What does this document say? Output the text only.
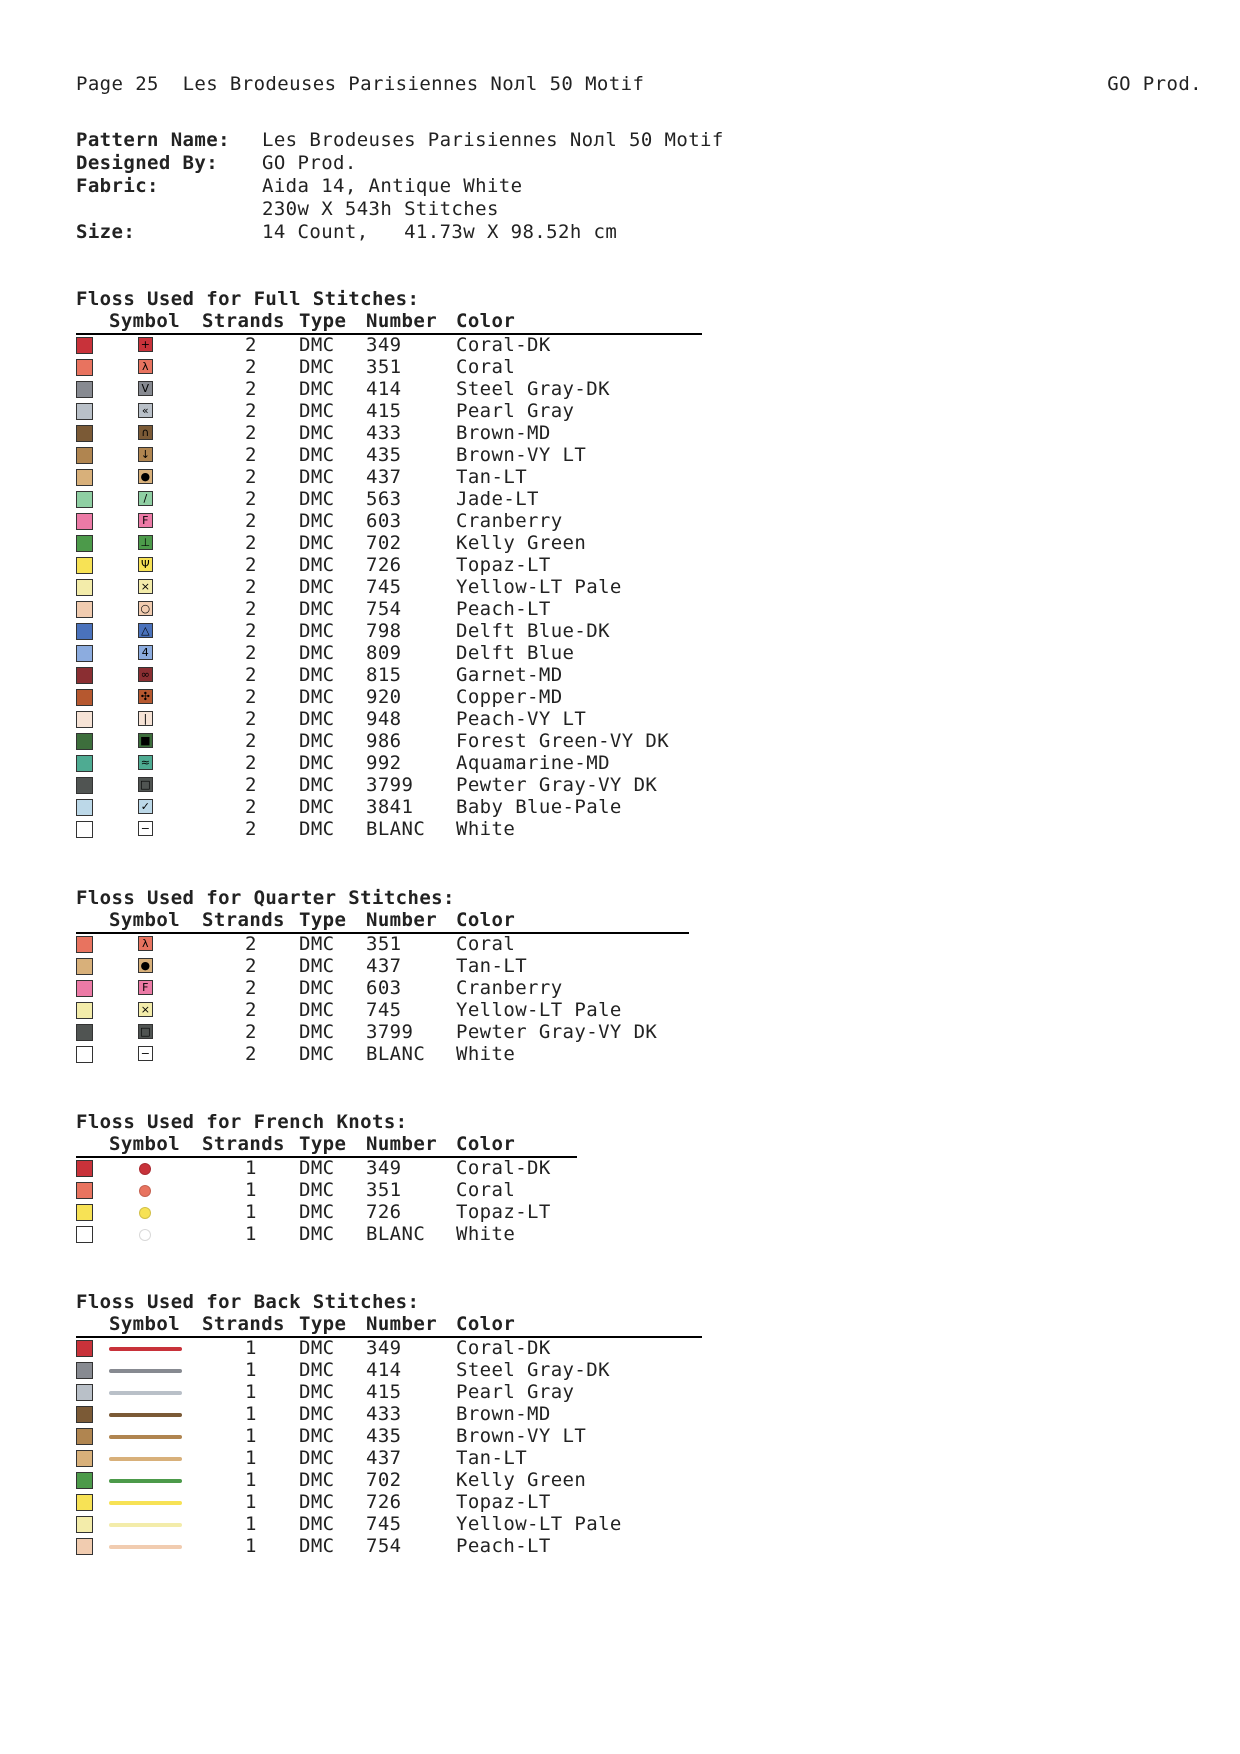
Page 25 Les Brodeuses Parisiennes Noлl 50 Motif	GO Prod.
Pattern Name: Les Brodeuses Parisiennes Noлl 50 Motif
Designed By: GO Prod.
Fabric:	Aida 14, Antique White
230w X 543h Stitches
Size:	14 Count,   41.73w X 98.52h cm
Floss Used for Full Stitches:
Symbol Strands Type Number Color
+	2 DMC 349	Coral-DK
λ	2 DMC 351	Coral
V	2 DMC 414	Steel Gray-DK
«	2 DMC 415	Pearl Gray
∩	2 DMC 433	Brown-MD
↓	2 DMC 435	Brown-VY LT
●	2 DMC 437	Tan-LT
/	2 DMC 563	Jade-LT
F	2 DMC 603	Cranberry
⊥	2 DMC 702	Kelly Green
Ψ	2 DMC 726	Topaz-LT
×	2 DMC 745	Yellow-LT Pale
○	2 DMC 754	Peach-LT
△	2 DMC 798	Delft Blue-DK
4	2 DMC 809	Delft Blue
∞	2 DMC 815	Garnet-MD
✣	2 DMC 920	Copper-MD
|	2 DMC 948	Peach-VY LT
■	2 DMC 986	Forest Green-VY DK
≈	2 DMC 992	Aquamarine-MD
□	2 DMC 3799 Pewter Gray-VY DK
✓	2 DMC 3841 Baby Blue-Pale
−	2 DMC BLANC White
Floss Used for Quarter Stitches:
Symbol Strands Type Number Color
λ	2 DMC 351	Coral
●	2 DMC 437	Tan-LT
F	2 DMC 603	Cranberry
×	2 DMC 745	Yellow-LT Pale
□	2 DMC 3799 Pewter Gray-VY DK
−	2 DMC BLANC White
Floss Used for French Knots:
Symbol Strands Type Number Color
1 DMC 349	Coral-DK
1 DMC 351	Coral
1 DMC 726	Topaz-LT
1 DMC BLANC White
Floss Used for Back Stitches:
Symbol Strands Type Number Color
1 DMC 349	Coral-DK
1 DMC 414	Steel Gray-DK
1 DMC 415	Pearl Gray
1 DMC 433	Brown-MD
1 DMC 435	Brown-VY LT
1 DMC 437	Tan-LT
1 DMC 702	Kelly Green
1 DMC 726	Topaz-LT
1 DMC 745	Yellow-LT Pale
1 DMC 754	Peach-LT
